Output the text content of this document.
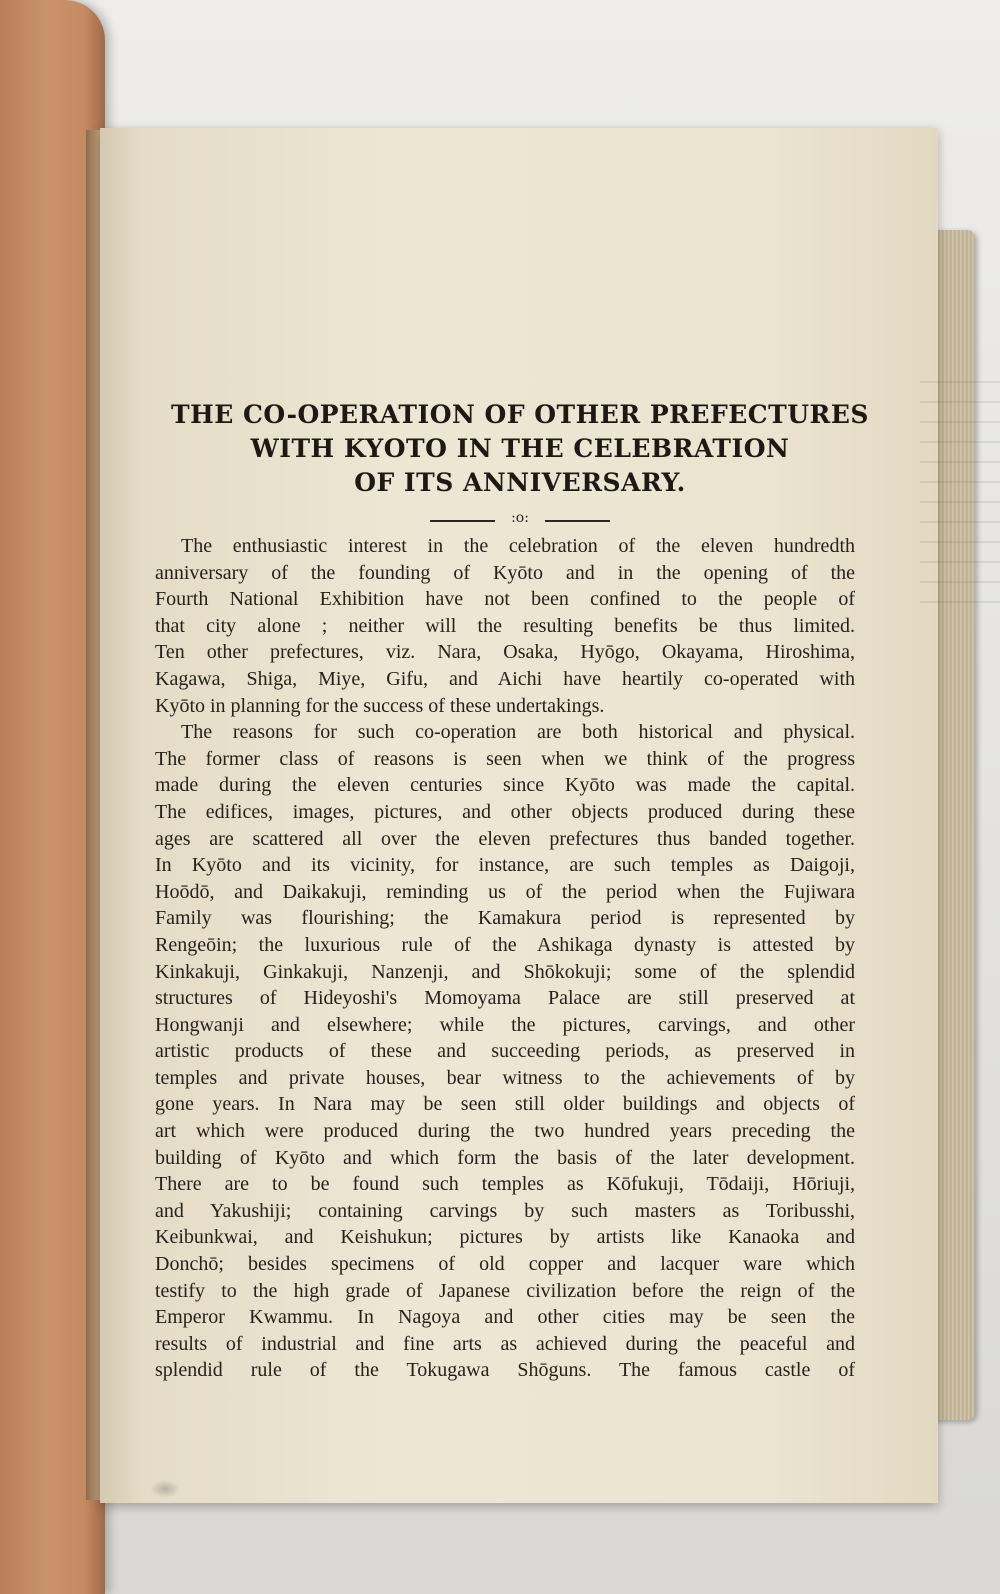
THE CO-OPERATION OF OTHER PREFECTURES
WITH KYOTO IN THE CELEBRATION
OF ITS ANNIVERSARY.
:o:
The enthusiastic interest in the celebration of the eleven hundredth
anniversary of the founding of Kyōto and in the opening of the
Fourth National Exhibition have not been confined to the people of
that city alone ; neither will the resulting benefits be thus limited.
Ten other prefectures, viz. Nara, Osaka, Hyōgo, Okayama, Hiroshima,
Kagawa, Shiga, Miye, Gifu, and Aichi have heartily co-operated with
Kyōto in planning for the success of these undertakings.
The reasons for such co-operation are both historical and physical.
The former class of reasons is seen when we think of the progress
made during the eleven centuries since Kyōto was made the capital.
The edifices, images, pictures, and other objects produced during these
ages are scattered all over the eleven prefectures thus banded together.
In Kyōto and its vicinity, for instance, are such temples as Daigoji,
Hoōdō, and Daikakuji, reminding us of the period when the Fujiwara
Family was flourishing; the Kamakura period is represented by
Rengeōin; the luxurious rule of the Ashikaga dynasty is attested by
Kinkakuji, Ginkakuji, Nanzenji, and Shōkokuji; some of the splendid
structures of Hideyoshi's Momoyama Palace are still preserved at
Hongwanji and elsewhere; while the pictures, carvings, and other
artistic products of these and succeeding periods, as preserved in
temples and private houses, bear witness to the achievements of by
gone years. In Nara may be seen still older buildings and objects of
art which were produced during the two hundred years preceding the
building of Kyōto and which form the basis of the later development.
There are to be found such temples as Kōfukuji, Tōdaiji, Hōriuji,
and Yakushiji; containing carvings by such masters as Toribusshi,
Keibunkwai, and Keishukun; pictures by artists like Kanaoka and
Donchō; besides specimens of old copper and lacquer ware which
testify to the high grade of Japanese civilization before the reign of the
Emperor Kwammu. In Nagoya and other cities may be seen the
results of industrial and fine arts as achieved during the peaceful and
splendid rule of the Tokugawa Shōguns. The famous castle of
